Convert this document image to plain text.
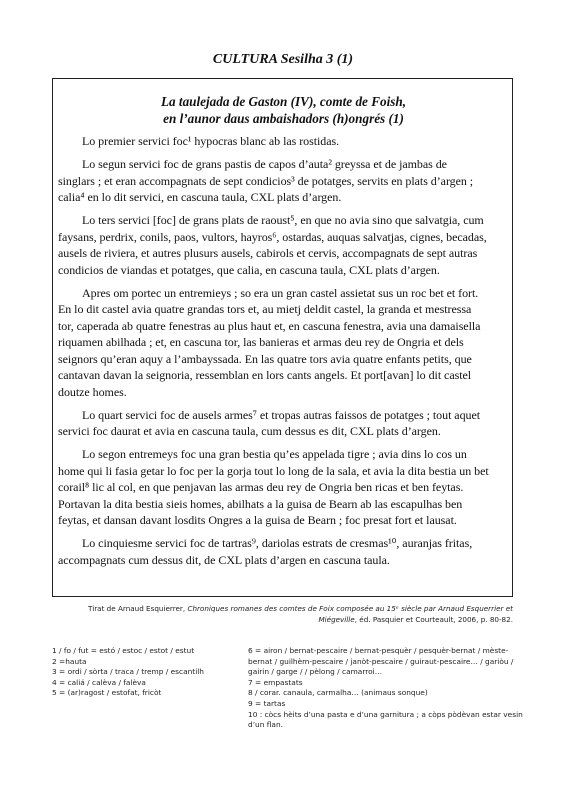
CULTURA Sesilha 3 (1)
La taulejada de Gaston (IV), comte de Foish,
en l’aunor daus ambaishadors (h)ongrés (1)

Lo premier servici foc¹ hypocras blanc ab las rostidas.

Lo segun servici foc de grans pastis de capos d’auta² greyssa et de jambas de
singlars ; et eran accompagnats de sept condicios³ de potatges, servits en plats d’argen ;
calia⁴ en lo dit servici, en cascuna taula, CXL plats d’argen.

Lo ters servici [foc] de grans plats de raoust⁵, en que no avia sino que salvatgia, cum
faysans, perdrix, conils, paos, vultors, hayros⁶, ostardas, auquas salvatjas, cignes, becadas,
ausels de riviera, et autres plusurs ausels, cabirols et cervis, accompagnats de sept autras
condicios de viandas et potatges, que calia, en cascuna taula, CXL plats d’argen.

Apres om portec un entremieys ; so era un gran castel assietat sus un roc bet et fort.
En lo dit castel avia quatre grandas tors et, au mietj deldit castel, la granda et mestressa
tor, caperada ab quatre fenestras au plus haut et, en cascuna fenestra, avia una damaisella
riquamen abilhada ; et, en cascuna tor, las banieras et armas deu rey de Ongria et dels
seignors qu’eran aquy a l’ambayssada. En las quatre tors avia quatre enfants petits, que
cantavan davan la seignoria, ressemblan en lors cants angels. Et port[avan] lo dit castel
doutze homes.

Lo quart servici foc de ausels armes⁷ et tropas autras faissos de potatges ; tout aquet
servici foc daurat et avia en cascuna taula, cum dessus es dit, CXL plats d’argen.

Lo segon entremeys foc una gran bestia qu’es appelada tigre ; avia dins lo cos un
home qui li fasia getar lo foc per la gorja tout lo long de la sala, et avia la dita bestia un bet
corail⁸ lic al col, en que penjavan las armas deu rey de Ongria ben ricas et ben feytas.
Portavan la dita bestia sieis homes, abilhats a la guisa de Bearn ab las escapulhas ben
feytas, et dansan davant losdits Ongres a la guisa de Bearn ; foc presat fort et lausat.

Lo cinquiesme servici foc de tartras⁹, dariolas estrats de cresmas¹⁰, auranjas fritas,
accompagnats cum dessus dit, de CXL plats d’argen en cascuna taula.

Tirat de Arnaud Esquierrer, Chroniques romanes des comtes de Foix composée au 15ᵉ siècle par Arnaud Esquerrier et
Miégeville, éd. Pasquier et Courteault, 2006, p. 80-82.
1 / fo / fut = estó / estoc / estot / estut
2 =hauta
3 = ordi / sòrta / traca / tremp / escantilh
4 = caliá / calèva / falèva
5 = (ar)ragost / estofat, fricòt
6 = airon / bernat-pescaire / bernat-pesquèr / pesquèr-bernat / mèste-
bernat / guilhèm-pescaire / janòt-pescaire / guiraut-pescaire… / gariòu /
gairin / garge / / pèlong / camarroi…
7 = empastats
8 / corar. canaula, carmalha… (animaus sonque)
9 = tartas
10 : còcs hèits d’una pasta e d’una garnitura ; a còps pòdèvan estar vesin
d’un flan.
